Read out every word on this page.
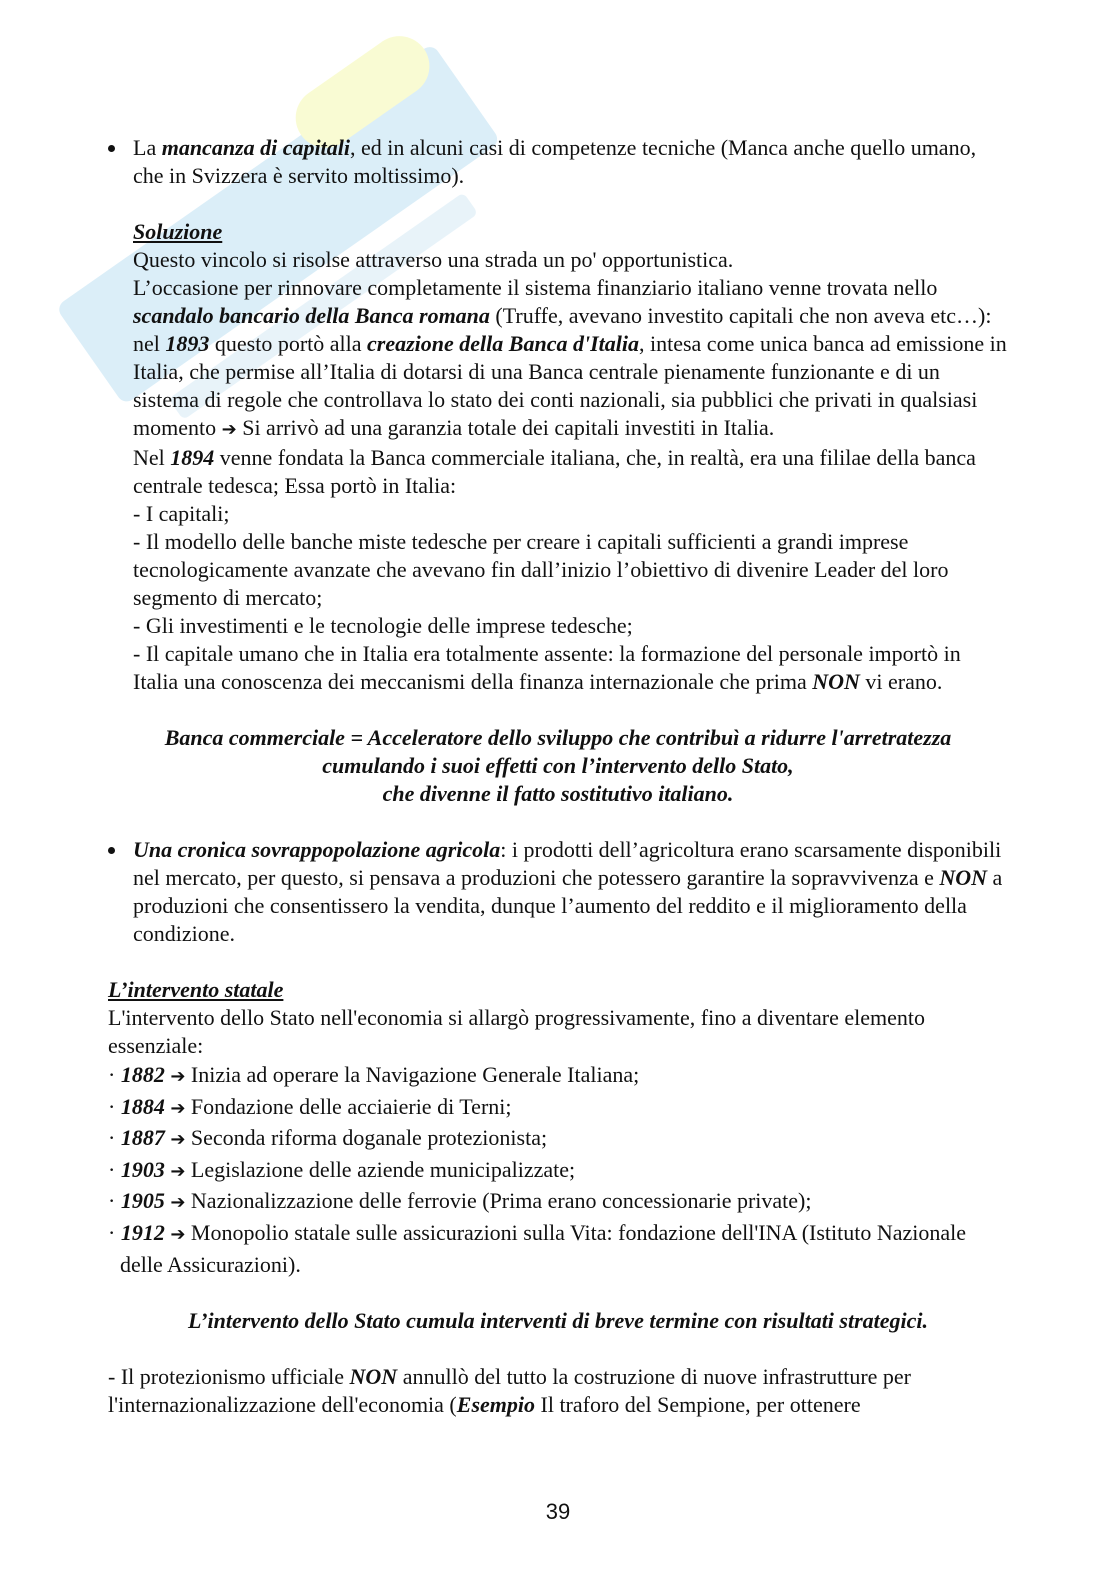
La mancanza di capitali, ed in alcuni casi di competenze tecniche (Manca anche quello umano, che in Svizzera è servito moltissimo).

Soluzione

Questo vincolo si risolse attraverso una strada un po' opportunistica.

L’occasione per rinnovare completamente il sistema finanziario italiano venne trovata nello scandalo bancario della Banca romana (Truffe, avevano investito capitali che non aveva etc…): nel 1893 questo portò alla creazione della Banca d'Italia, intesa come unica banca ad emissione in Italia, che permise all’Italia di dotarsi di una Banca centrale pienamente funzionante e di un sistema di regole che controllava lo stato dei conti nazionali, sia pubblici che privati in qualsiasi momento ➔ Si arrivò ad una garanzia totale dei capitali investiti in Italia.

Nel 1894 venne fondata la Banca commerciale italiana, che, in realtà, era una fililae della banca centrale tedesca; Essa portò in Italia:

- I capitali;

- Il modello delle banche miste tedesche per creare i capitali sufficienti a grandi imprese tecnologicamente avanzate che avevano fin dall’inizio l’obiettivo di divenire Leader del loro segmento di mercato;

- Gli investimenti e le tecnologie delle imprese tedesche;

- Il capitale umano che in Italia era totalmente assente: la formazione del personale importò in Italia una conoscenza dei meccanismi della finanza internazionale che prima NON vi erano.

Banca commerciale = Acceleratore dello sviluppo che contribuì a ridurre l'arretratezza

cumulando i suoi effetti con l’intervento dello Stato,

che divenne il fatto sostitutivo italiano.

Una cronica sovrappopolazione agricola: i prodotti dell’agricoltura erano scarsamente disponibili nel mercato, per questo, si pensava a produzioni che potessero garantire la sopravvivenza e NON a produzioni che consentissero la vendita, dunque l’aumento del reddito e il miglioramento della condizione.

L’intervento statale

L'intervento dello Stato nell'economia si allargò progressivamente, fino a diventare elemento essenziale:

· 1882 ➔ Inizia ad operare la Navigazione Generale Italiana;

· 1884 ➔ Fondazione delle acciaierie di Terni;

· 1887 ➔ Seconda riforma doganale protezionista;

· 1903 ➔ Legislazione delle aziende municipalizzate;

· 1905 ➔ Nazionalizzazione delle ferrovie (Prima erano concessionarie private);

· 1912 ➔ Monopolio statale sulle assicurazioni sulla Vita: fondazione dell'INA (Istituto Nazionale delle Assicurazioni).

L’intervento dello Stato cumula interventi di breve termine con risultati strategici.

- Il protezionismo ufficiale NON annullò del tutto la costruzione di nuove infrastrutture per l'internazionalizzazione dell'economia (Esempio Il traforo del Sempione, per ottenere

39
